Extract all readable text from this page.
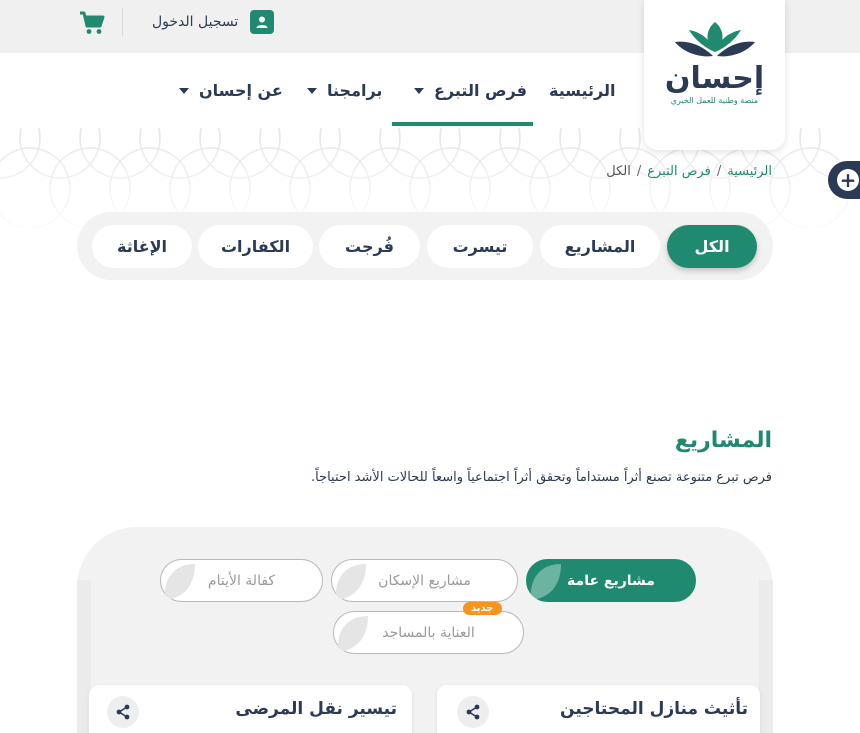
تسجيل الدخول
الرئيسية
فرص التبرع
برامجنا
عن إحسان	إحسان
منصة وطنية للعمل الخيري
الرئيسية
/
فرص التبرع
/
الكل	+
الكل
المشاريع
تيسرت
فُرجت
الكفارات
الإغاثة
المشاريع
فرص تبرع متنوعة تصنع أثراً مستداماً وتحقق أثراً اجتماعياً واسعاً للحالات الأشد احتياجاً.
مشاريع عامة
مشاريع الإسكان
كفالة الأيتام
العناية بالمساجد
جديد
تأثيث منازل المحتاجين
تيسير نقل المرضى
